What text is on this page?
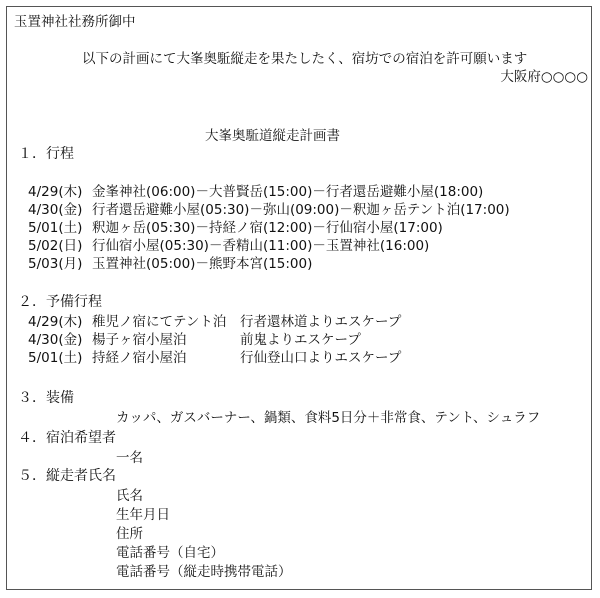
玉置神社社務所御中
以下の計画にて大峯奥駈縦走を果たしたく、宿坊での宿泊を許可願います
大阪府○○○○
大峯奥駈道縦走計画書
１．行程
4/29(木) 金峯神社(06:00)－大普賢岳(15:00)－行者還岳避難小屋(18:00)
4/30(金) 行者還岳避難小屋(05:30)－弥山(09:00)－釈迦ヶ岳テント泊(17:00)
5/01(土) 釈迦ヶ岳(05:30)－持経ノ宿(12:00)－行仙宿小屋(17:00)
5/02(日) 行仙宿小屋(05:30)－香精山(11:00)－玉置神社(16:00)
5/03(月) 玉置神社(05:00)－熊野本宮(15:00)
２．予備行程
4/29(木) 稚児ノ宿にてテント泊 行者還林道よりエスケープ
4/30(金) 楊子ヶ宿小屋泊	前鬼よりエスケープ
5/01(土) 持経ノ宿小屋泊	行仙登山口よりエスケープ
３．装備
カッパ、ガスバーナー、鍋類、食料5日分＋非常食、テント、シュラフ
４．宿泊希望者
一名
５．縦走者氏名
氏名
生年月日
住所
電話番号（自宅）
電話番号（縦走時携帯電話）
